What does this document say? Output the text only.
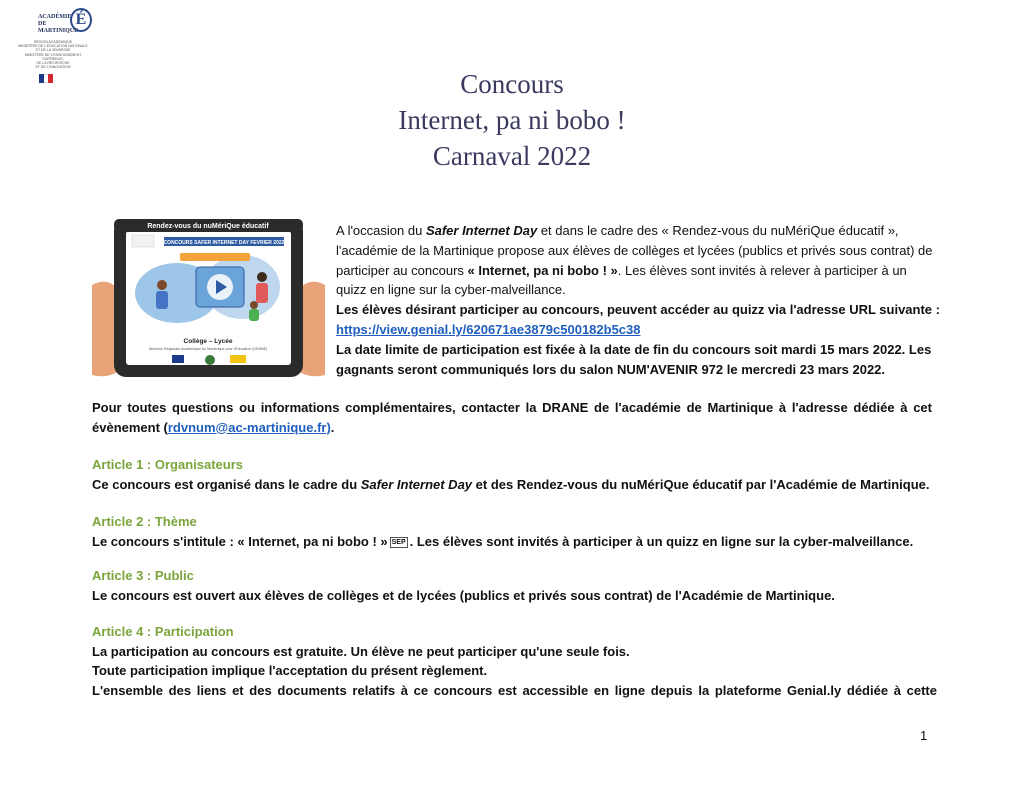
ACADÉMIE DE MARTINIQUE
É
RÉGION ACADÉMIQUE
MINISTÈRE DE L'ÉDUCATION NATIONALE
ET DE LA JEUNESSE
MINISTÈRE DE L'ENSEIGNEMENT SUPÉRIEUR,
DE LA RECHERCHE
ET DE L'INNOVATION
Concours
Internet, pa ni bobo !
Carnaval 2022
Rendez-vous du nuMériQue éducatif
CONCOURS SAFER INTERNET DAY FEVRIER 2022
Collège – Lycée
Direction Régionale Académique du Numérique pour l'Éducation (DRANE)

A l'occasion du Safer Internet Day et dans le cadre des « Rendez-vous du nuMériQue éducatif », l'académie de la Martinique propose aux élèves de collèges et lycées (publics et privés sous contrat) de participer au concours « Internet, pa ni bobo ! ». Les élèves sont invités à relever à participer à un quizz en ligne sur la cyber-malveillance.

Les élèves désirant participer au concours, peuvent accéder au quizz via l'adresse URL suivante : https://view.genial.ly/620671ae3879c500182b5c38

La date limite de participation est fixée à la date de fin du concours soit mardi 15 mars 2022. Les gagnants seront communiqués lors du salon NUM'AVENIR 972 le mercredi 23 mars 2022.

Pour toutes questions ou informations complémentaires, contacter la DRANE de l'académie de Martinique à l'adresse dédiée à cet évènement (rdvnum@ac-martinique.fr).
Article 1 : Organisateurs
Ce concours est organisé dans le cadre du Safer Internet Day et des Rendez-vous du nuMériQue éducatif par l'Académie de Martinique.
Article 2 : Thème
Le concours s'intitule : « Internet, pa ni bobo ! » SEP . Les élèves sont invités à participer à un quizz en ligne sur la cyber-malveillance.
Article 3 : Public
Le concours est ouvert aux élèves de collèges et de lycées (publics et privés sous contrat) de l'Académie de Martinique.
Article 4 : Participation
La participation au concours est gratuite. Un élève ne peut participer qu'une seule fois.
Toute participation implique l'acceptation du présent règlement.
L'ensemble des liens et des documents relatifs à ce concours est accessible en ligne depuis la plateforme Genial.ly dédiée à cette
1
